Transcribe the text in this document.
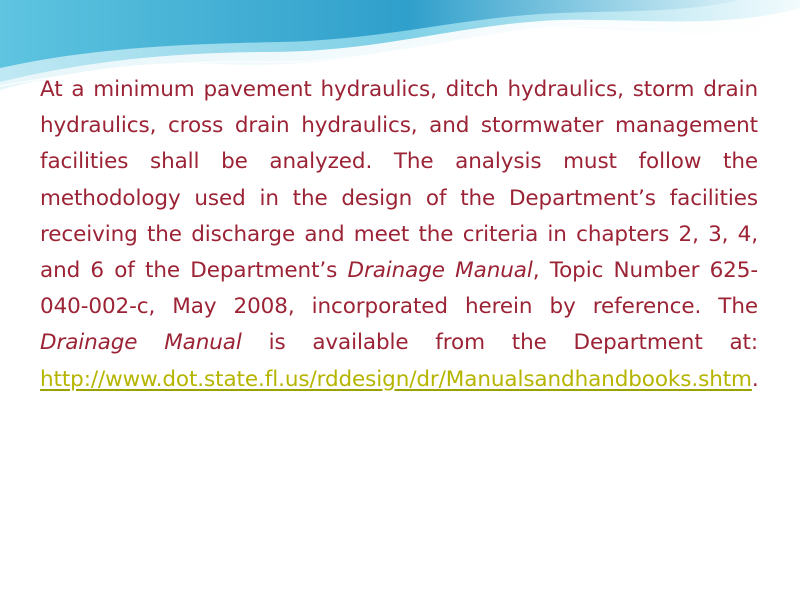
At a minimum pavement hydraulics, ditch hydraulics, storm drain hydraulics, cross drain hydraulics, and stormwater management facilities shall be analyzed. The analysis must follow the methodology used in the design of the Department’s facilities receiving the discharge and meet the criteria in chapters 2, 3, 4, and 6 of the Department’s Drainage Manual, Topic Number 625-040-002-c, May 2008, incorporated herein by reference. The Drainage Manual is available from the Department at: http://www.dot.state.fl.us/rddesign/dr/Manualsandhandbooks.shtm.
